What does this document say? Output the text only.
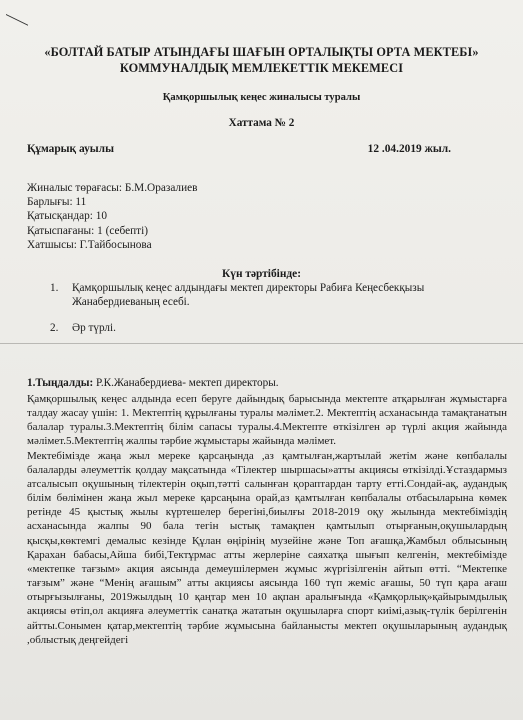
«БОЛТАЙ БАТЫР АТЫНДАҒЫ ШАҒЫН ОРТАЛЫҚТЫ ОРТА МЕКТЕБІ»
КОММУНАЛДЫҚ МЕМЛЕКЕТТІК МЕКЕМЕСІ
Қамқоршылық кеңес жиналысы туралы
Хаттама № 2
Құмарық ауылы	12 .04.2019 жыл.
Жиналыс төрағасы: Б.М.Оразалиев
Барлығы: 11
Қатысқандар: 10
Қатыспағаны: 1 (себепті)
Хатшысы: Г.Тайбосынова
Күн тәртібінде:
1.	Қамқоршылық кеңес алдындағы мектеп директоры Рабиға Кеңесбекқызы Жанабердиеваның есебі.
2.	Әр түрлі.
1.Тыңдалды: Р.К.Жанабердиева- мектеп директоры.

Қамқоршылық кеңес алдында есеп беруге дайындық барысында мектепте атқарылған жұмыстарға талдау жасау үшін: 1. Мектептің құрылғаны туралы мәлімет.2. Мектептің асханасында тамақтанатын балалар туралы.3.Мектептің білім сапасы туралы.4.Мектепте өткізілген әр түрлі акция жайында мәлімет.5.Мектептің жалпы тәрбие жұмыстары жайында мәлімет.

Мектебімізде жаңа жыл мереке қарсаңында ,аз қамтылған,жартылай жетім және көпбалалы балаларды әлеуметтік қолдау мақсатында «Тілектер шыршасы»атты акциясы өткізілді.Ұстаздармыз атсалысып оқушының тілектерін оқып,тәтті салынған қораптардан тарту етті.Сондай-ақ, аудандық білім бөлімінен жаңа жыл мереке қарсаңына орай,аз қамтылған көпбалалы отбасыларына көмек ретінде 45 қыстық жылы күртешелер берегіні,биылғы 2018-2019 оқу жылында мектебіміздің асханасында жалпы 90 бала тегін ыстық тамақпен қамтылып отырғанын,оқушылардың қысқы,көктемгі демалыс кезінде Құлан өңірінің музейіне және Топ ағашқа,Жамбыл облысының Қарахан бабасы,Айша бибі,Тектұрмас атты жерлеріне саяхатқа шығып келгенін, мектебімізде «мектепке тағзым» акция аясында демеушілермен жұмыс жүргізілгенін айтып өтті. “Мектепке тағзым” және “Менің ағашым” атты акциясы аясында 160 түп жеміс ағашы, 50 түп қара ағаш отырғызылғаны, 2019жылдың 10 қаңтар мен 10 ақпан аралығында «Қамқорлық»қайырымдылық акциясы өтіп,ол акцияға әлеуметтік санатқа жататын оқушыларға спорт киімі,азық-түлік берілгенін айтты.Сонымен қатар,мектептің тәрбие жұмысына байланысты мектеп оқушыларының аудандық ,облыстық деңгейдегі
